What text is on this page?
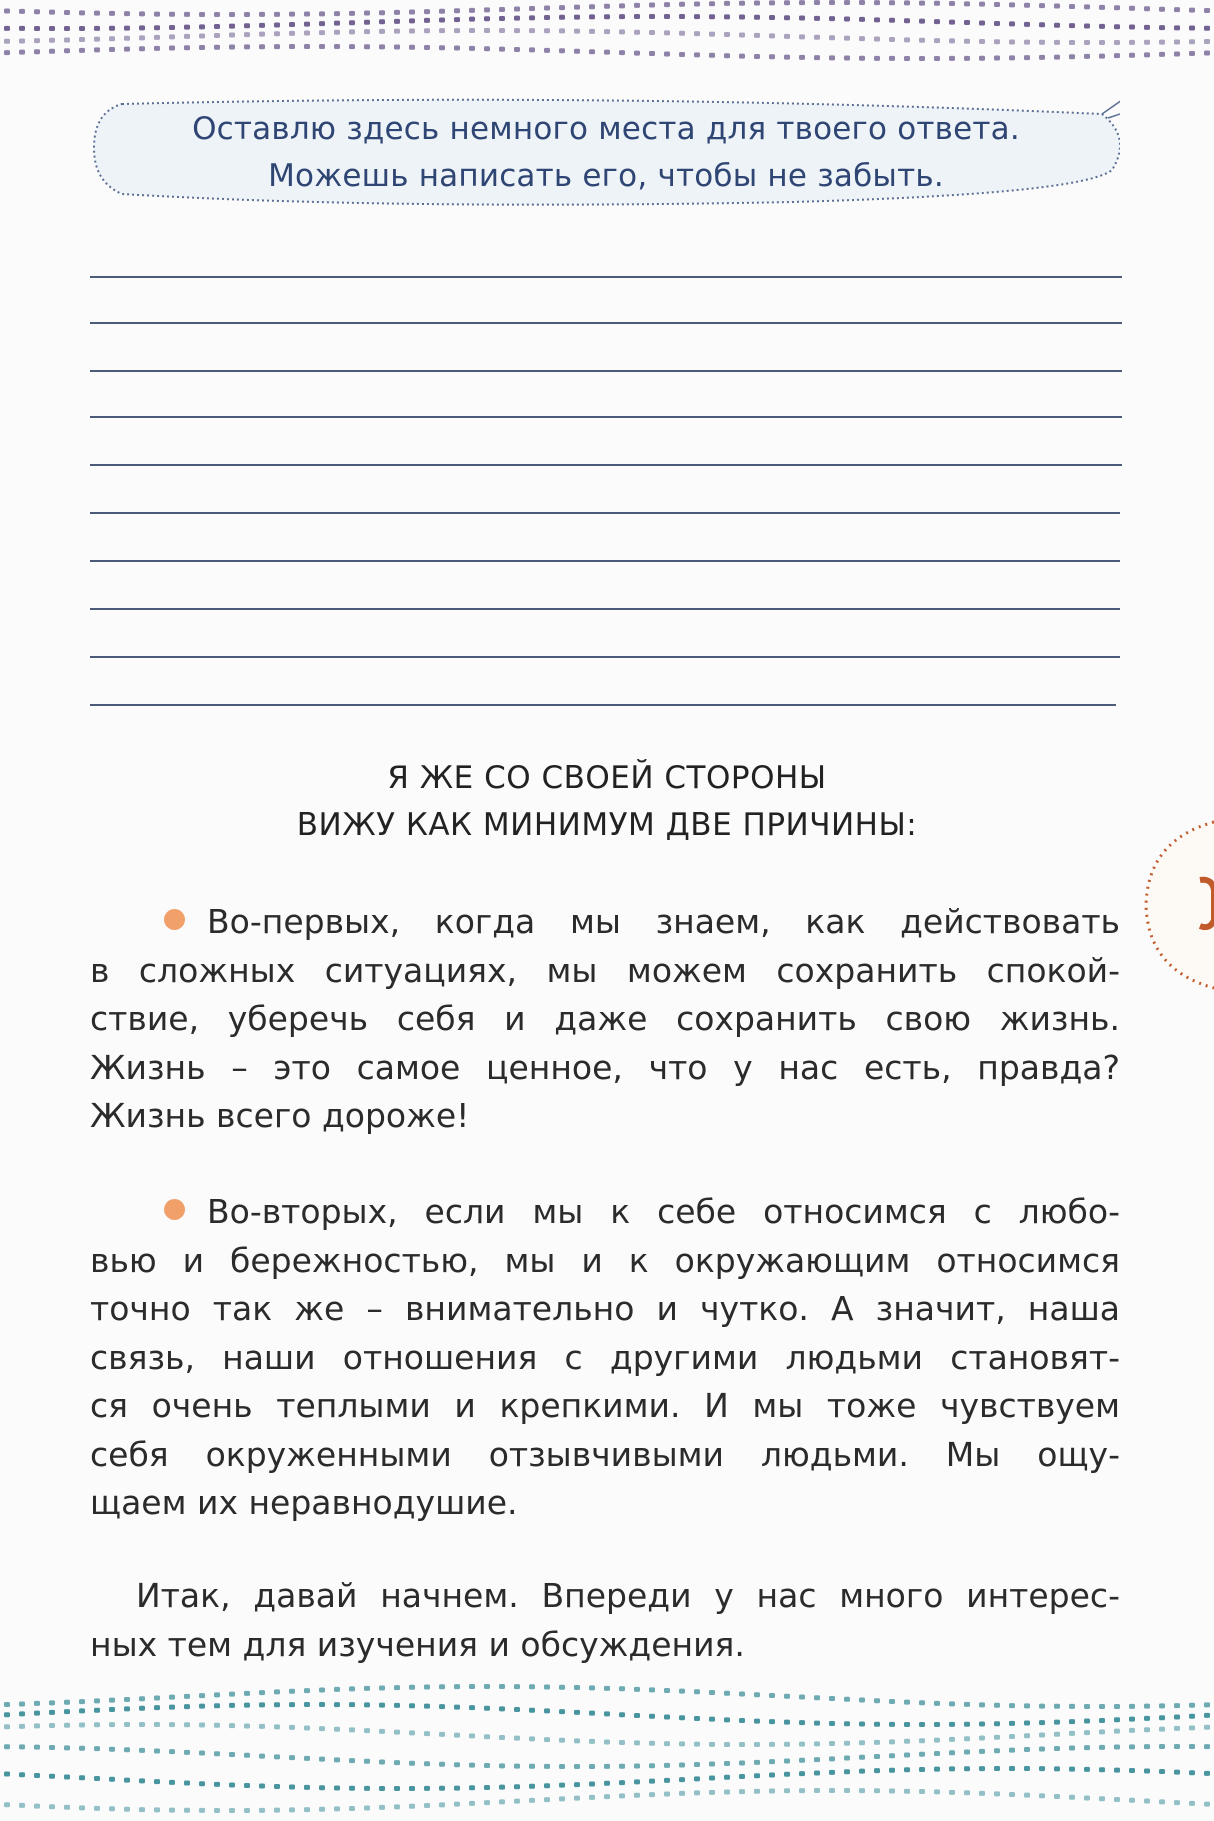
Оставлю здесь немного места для твоего ответа.
Можешь написать его, чтобы не забыть.
Я ЖЕ СО СВОЕЙ СТОРОНЫ
ВИЖУ КАК МИНИМУМ ДВЕ ПРИЧИНЫ:
Во-первых, когда мы знаем, как действовать
в сложных ситуациях, мы можем сохранить спокой-
ствие, уберечь себя и даже сохранить свою жизнь.
Жизнь – это самое ценное, что у нас есть, правда?
Жизнь всего дороже!
Во-вторых, если мы к себе относимся с любо-
вью и бережностью, мы и к окружающим относимся
точно так же – внимательно и чутко. А значит, наша
связь, наши отношения с другими людьми становят-
ся очень теплыми и крепкими. И мы тоже чувствуем
себя окруженными отзывчивыми людьми. Мы ощу-
щаем их неравнодушие.
Итак, давай начнем. Впереди у нас много интерес-
ных тем для изучения и обсуждения.
